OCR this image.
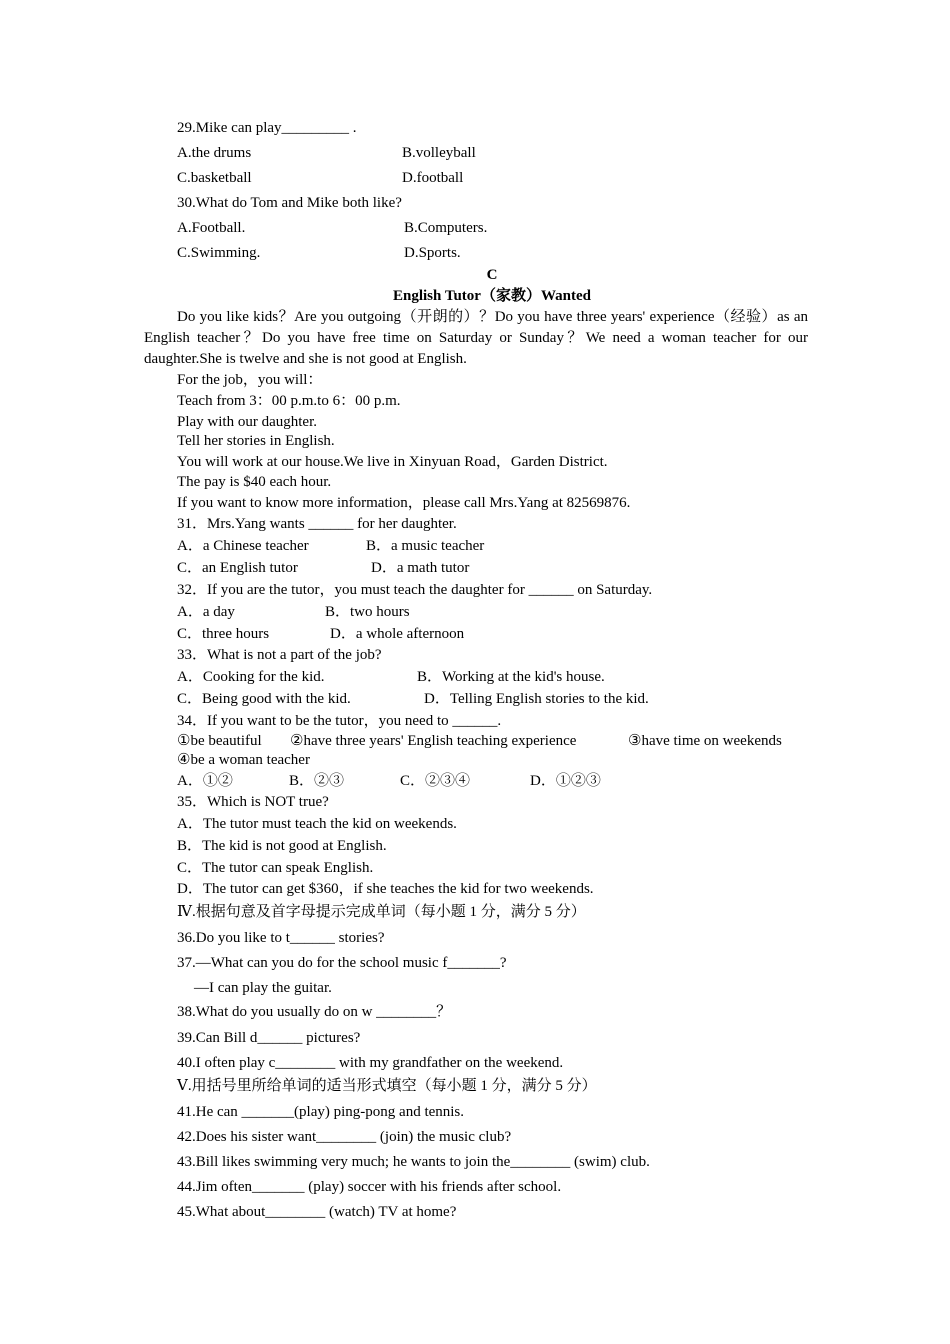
29.Mike can play_________ .
A.the drums	B.volleyball
C.basketball	D.football
30.What do Tom and Mike both like?
A.Football.	B.Computers.
C.Swimming.	D.Sports.
C
English Tutor（家教）Wanted
Do you like kids？Are you outgoing（开朗的）？Do you have three years' experience（经验）as an English teacher？Do you have free time on Saturday or Sunday？We need a woman teacher for our daughter.She is twelve and she is not good at English.
For the job，you will：
Teach from 3：00 p.m.to 6：00 p.m.
Play with our daughter.
Tell her stories in English.
You will work at our house.We live in Xinyuan Road，Garden District.
The pay is $40 each hour.
If you want to know more information，please call Mrs.Yang at 82569876.
31．Mrs.Yang wants ______ for her daughter.
A．a Chinese teacher	B．a music teacher
C．an English tutor	D．a math tutor
32．If you are the tutor，you must teach the daughter for ______ on Saturday.
A．a day	B．two hours
C．three hours	D．a whole afternoon
33．What is not a part of the job?
A．Cooking for the kid.	B．Working at the kid's house.
C．Being good with the kid.	D．Telling English stories to the kid.
34．If you want to be the tutor，you need to ______.
①be beautiful ②have three years' English teaching experience	③have time on weekends
④be a woman teacher
A．①②	B．②③	C．②③④	D．①②③
35．Which is NOT true?
A．The tutor must teach the kid on weekends.
B．The kid is not good at English.
C．The tutor can speak English.
D．The tutor can get $360，if she teaches the kid for two weekends.
Ⅳ.根据句意及首字母提示完成单词（每小题 1 分，满分 5 分）
36.Do you like to t______ stories?
37.—What can you do for the school music f_______?
—I can play the guitar.
38.What do you usually do on w ________？
39.Can Bill d______ pictures?
40.I often play c________ with my grandfather on the weekend.
Ⅴ.用括号里所给单词的适当形式填空（每小题 1 分，满分 5 分）
41.He can _______(play) ping-pong and tennis.
42.Does his sister want________ (join) the music club?
43.Bill likes swimming very much; he wants to join the________ (swim) club.
44.Jim often_______ (play) soccer with his friends after school.
45.What about________ (watch) TV at home?
